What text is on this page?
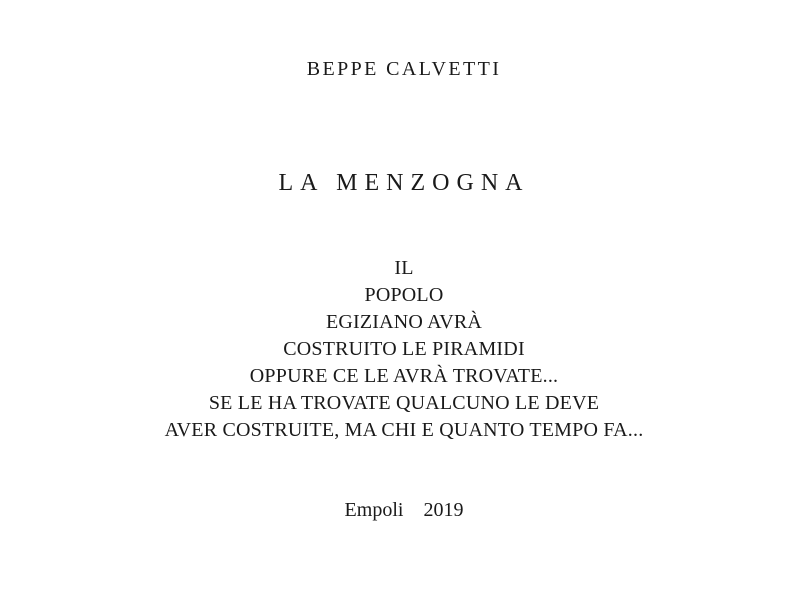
BEPPE CALVETTI
LA MENZOGNA
IL
POPOLO
EGIZIANO AVRÀ
COSTRUITO LE PIRAMIDI
OPPURE CE LE AVRÀ TROVATE...
SE LE HA TROVATE QUALCUNO LE DEVE
AVER COSTRUITE, MA CHI E QUANTO TEMPO FA...
Empoli 2019
